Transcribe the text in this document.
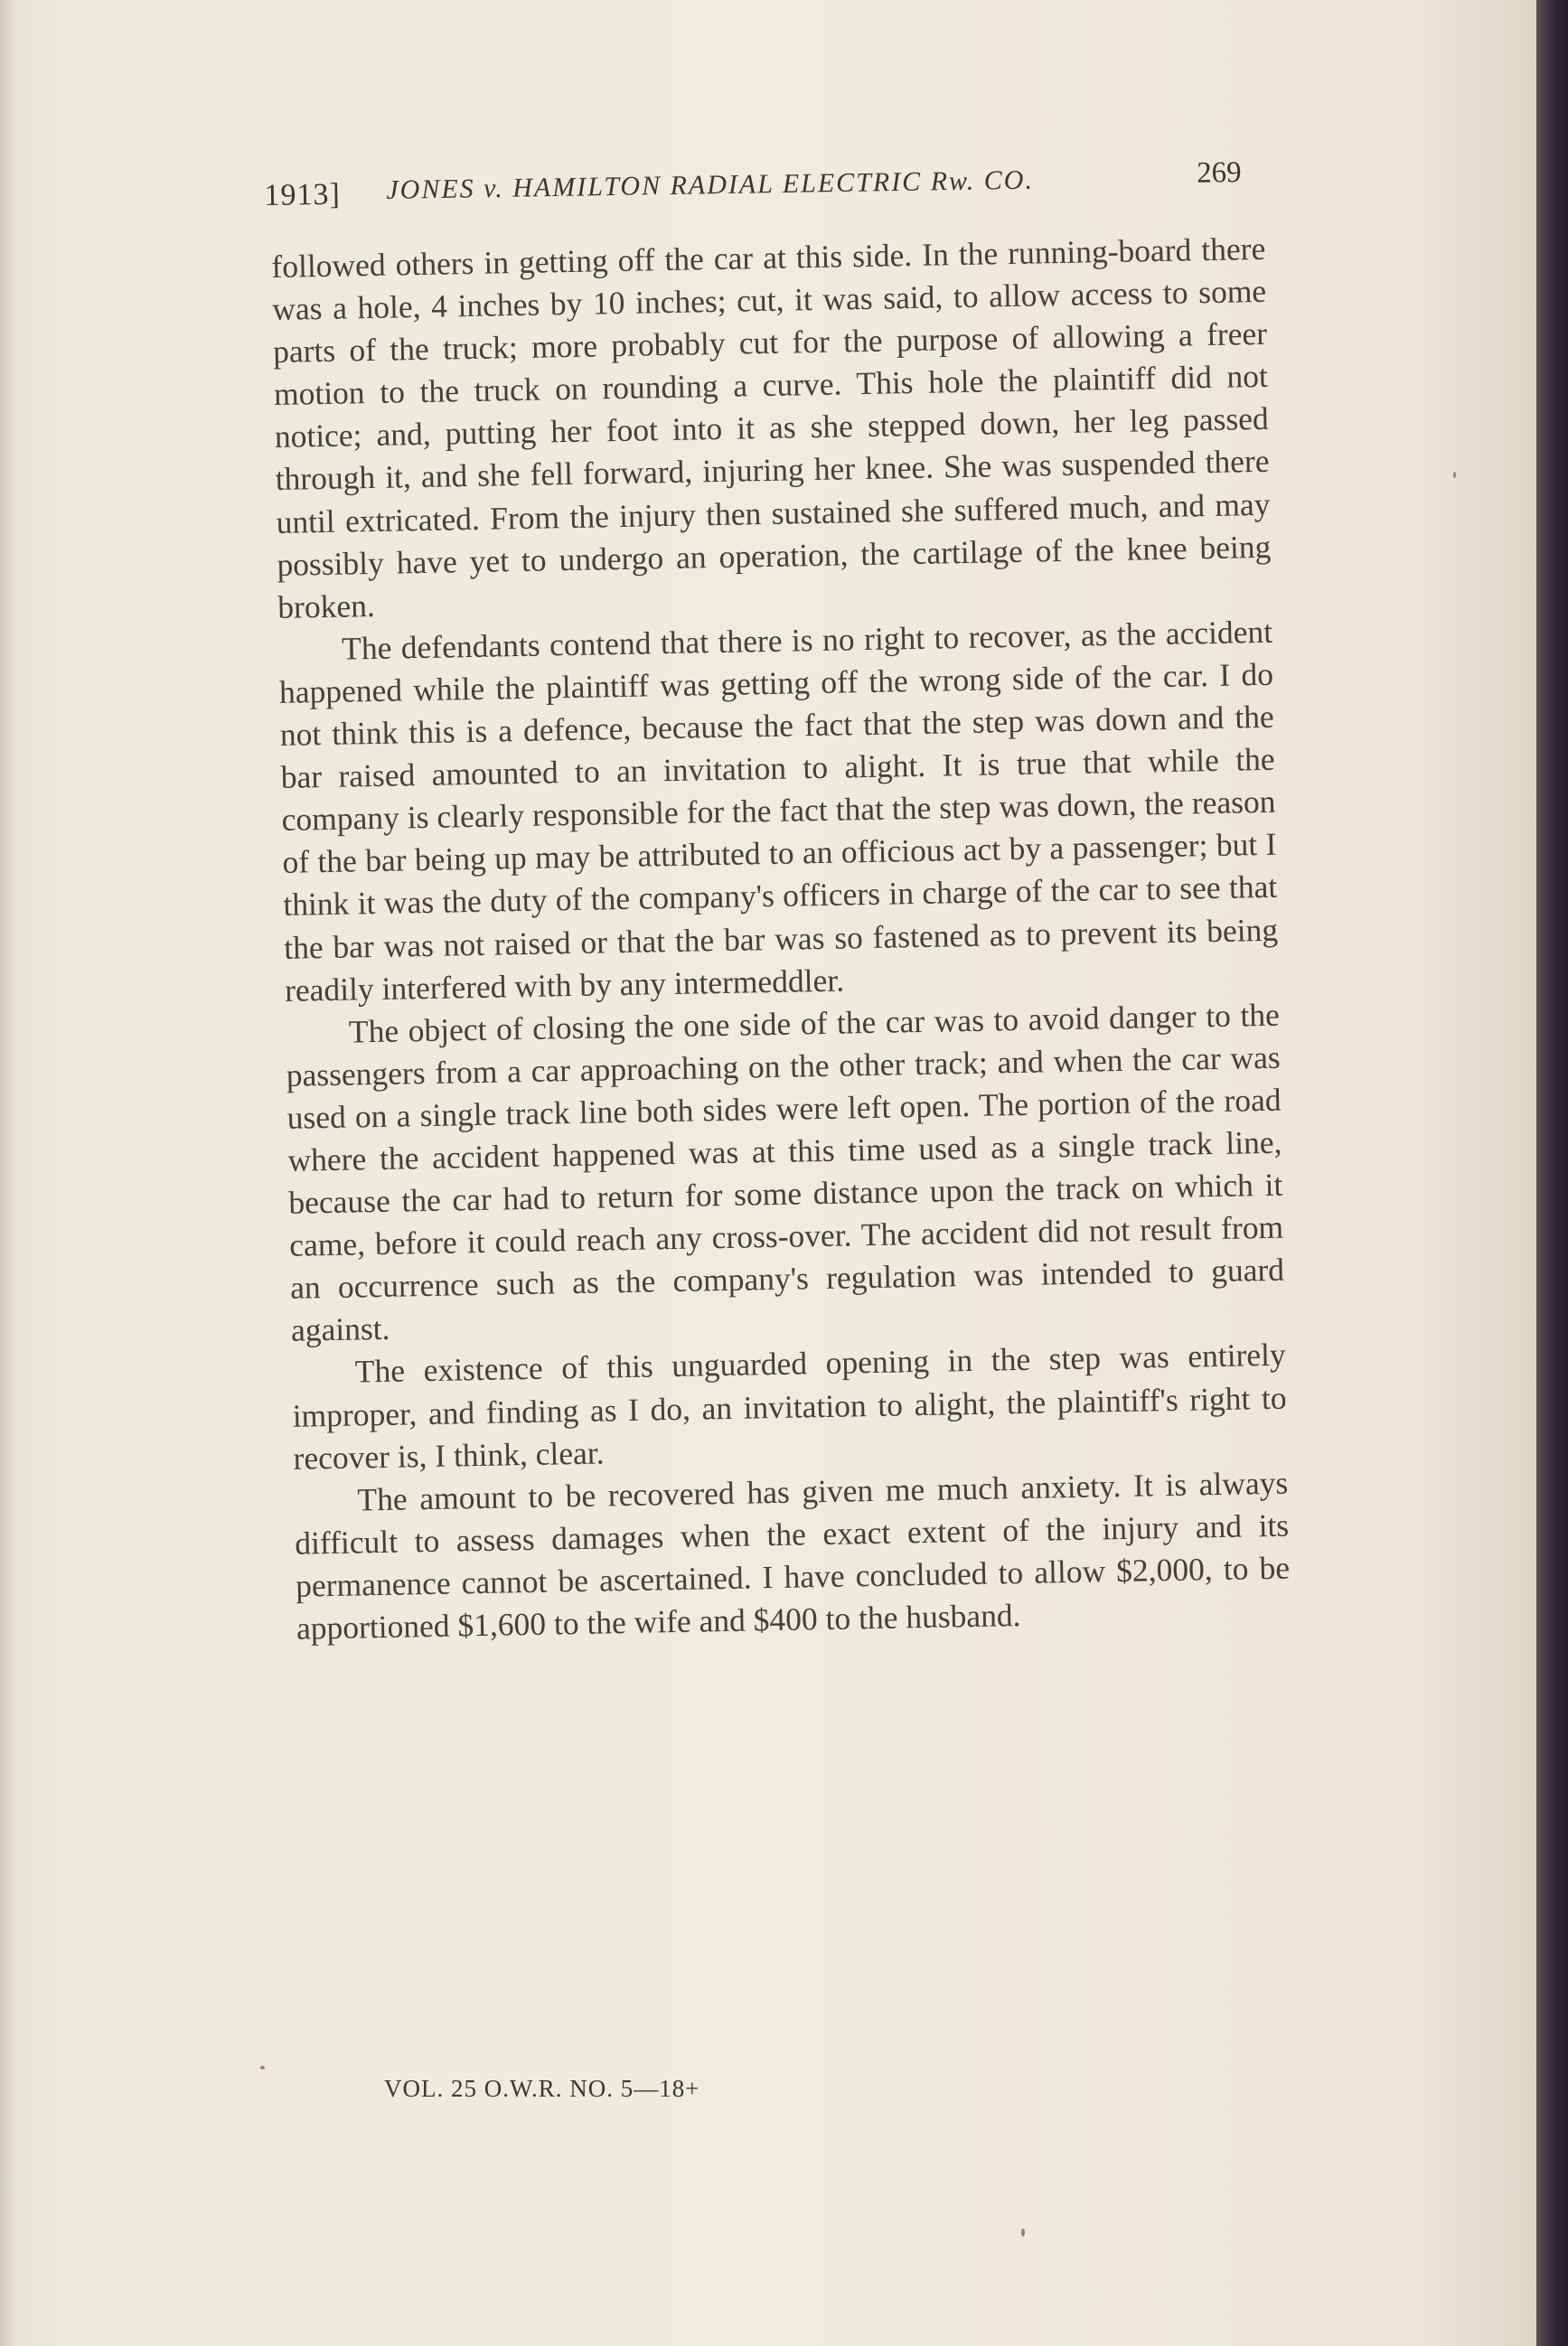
1913] JONES v. HAMILTON RADIAL ELECTRIC Rw. CO.	269

followed others in getting off the car at this side. In the running-board there was a hole, 4 inches by 10 inches; cut, it was said, to allow access to some parts of the truck; more probably cut for the purpose of allowing a freer motion to the truck on rounding a curve. This hole the plaintiff did not notice; and, putting her foot into it as she stepped down, her leg passed through it, and she fell forward, injuring her knee. She was suspended there until extricated. From the injury then sustained she suffered much, and may possibly have yet to undergo an operation, the cartilage of the knee being broken.

The defendants contend that there is no right to recover, as the accident happened while the plaintiff was getting off the wrong side of the car. I do not think this is a defence, because the fact that the step was down and the bar raised amounted to an invitation to alight. It is true that while the company is clearly responsible for the fact that the step was down, the reason of the bar being up may be attributed to an officious act by a passenger; but I think it was the duty of the company's officers in charge of the car to see that the bar was not raised or that the bar was so fastened as to prevent its being readily interfered with by any intermeddler.

The object of closing the one side of the car was to avoid danger to the passengers from a car approaching on the other track; and when the car was used on a single track line both sides were left open. The portion of the road where the accident happened was at this time used as a single track line, because the car had to return for some distance upon the track on which it came, before it could reach any cross-over. The accident did not result from an occurrence such as the company's regulation was intended to guard against.

The existence of this unguarded opening in the step was entirely improper, and finding as I do, an invitation to alight, the plaintiff's right to recover is, I think, clear.

The amount to be recovered has given me much anxiety. It is always difficult to assess damages when the exact extent of the injury and its permanence cannot be ascertained. I have concluded to allow $2,000, to be apportioned $1,600 to the wife and $400 to the husband.

VOL. 25 O.W.R. NO. 5—18+
